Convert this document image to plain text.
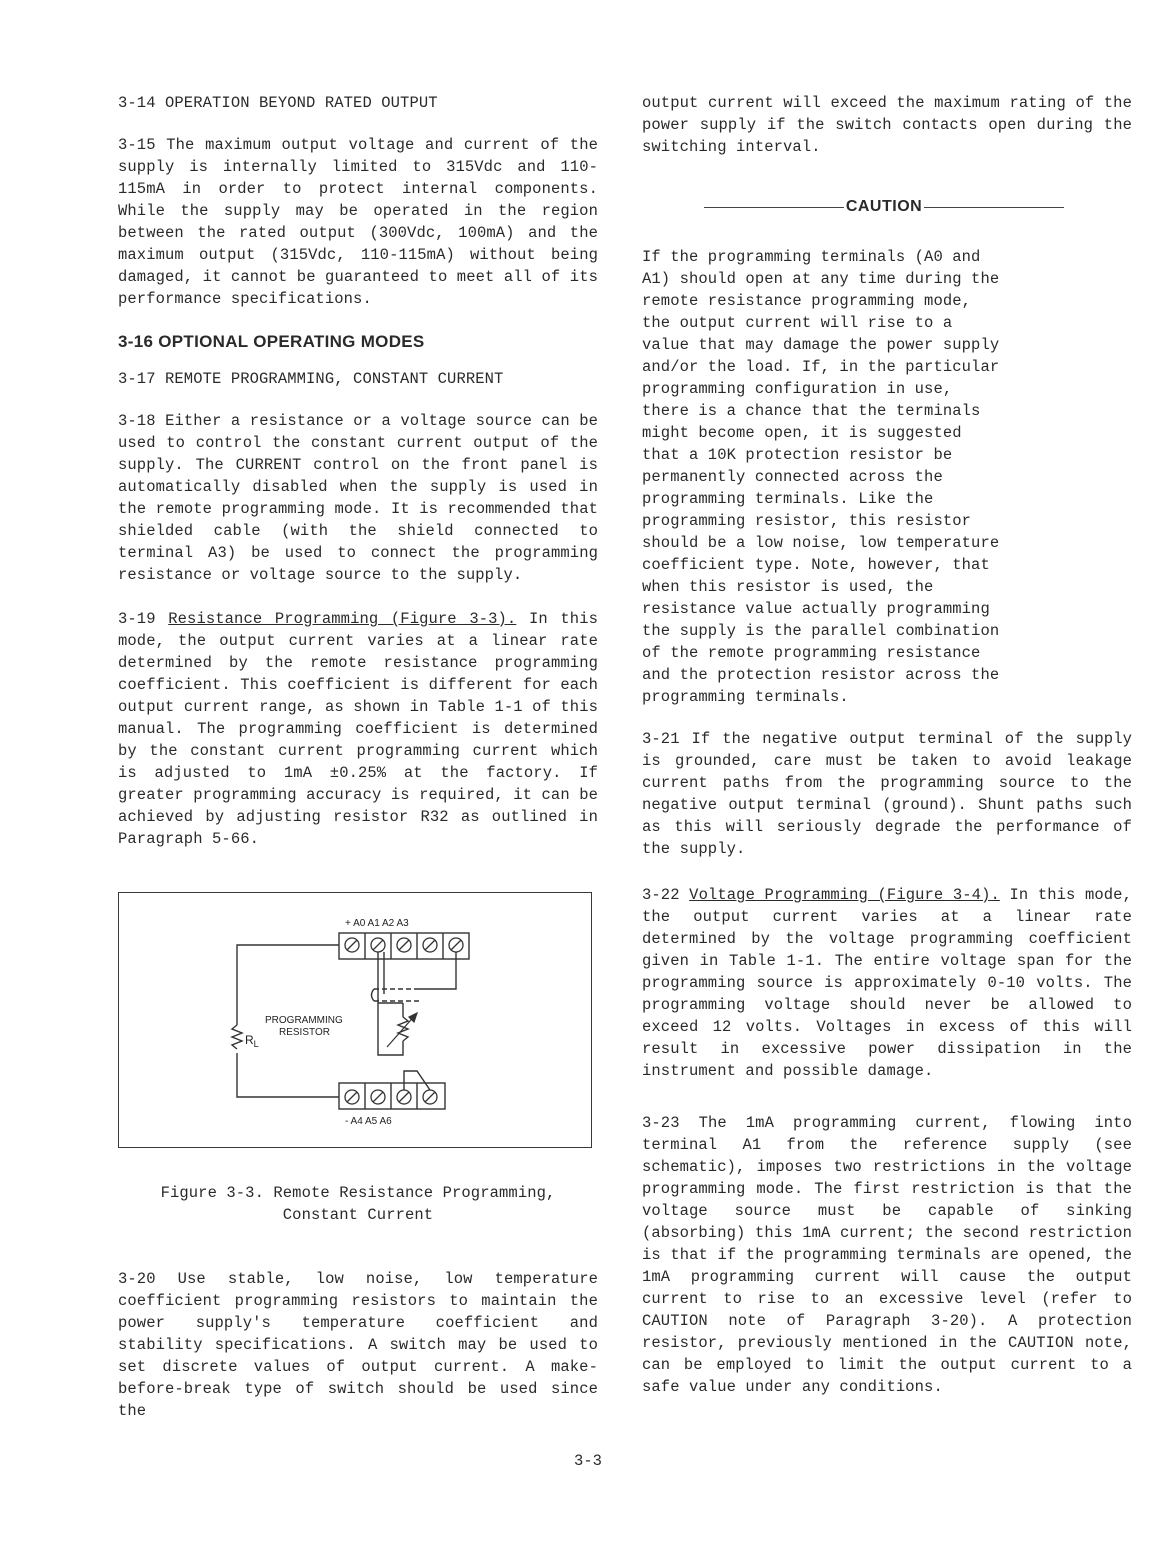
3-14 OPERATION BEYOND RATED OUTPUT

3-15 The maximum output voltage and current of the supply is internally limited to 315Vdc and 110-115mA in order to protect internal components. While the supply may be operated in the region between the rated output (300Vdc, 100mA) and the maximum output (315Vdc, 110-115mA) without being damaged, it cannot be guaranteed to meet all of its performance specifications.

3-16 OPTIONAL OPERATING MODES
3-17 REMOTE PROGRAMMING, CONSTANT CURRENT

3-18 Either a resistance or a voltage source can be used to control the constant current output of the supply. The CURRENT control on the front panel is automatically disabled when the supply is used in the remote programming mode. It is recommended that shielded cable (with the shield connected to terminal A3) be used to connect the programming resistance or voltage source to the supply.

3-19 Resistance Programming (Figure 3-3). In this mode, the output current varies at a linear rate determined by the remote resistance programming coefficient. This coefficient is different for each output current range, as shown in Table 1-1 of this manual. The programming coefficient is determined by the constant current programming current which is adjusted to 1mA ±0.25% at the factory. If greater programming accuracy is required, it can be achieved by adjusting resistor R32 as outlined in Paragraph 5-66.

+ A0 A1 A2 A3
- A4 A5 A6
PROGRAMMING
RESISTOR
$R_L$

Figure 3-3. Remote Resistance Programming,

Constant Current

3-20 Use stable, low noise, low temperature coefficient programming resistors to maintain the power supply's temperature coefficient and stability specifications. A switch may be used to set discrete values of output current. A make-before-break type of switch should be used since the

output current will exceed the maximum rating of the power supply if the switch contacts open during the switching interval.

CAUTION

If the programming terminals (A0 and A1) should open at any time during the remote resistance programming mode, the output current will rise to a value that may damage the power supply and/or the load. If, in the particular programming configuration in use, there is a chance that the terminals might become open, it is suggested that a 10K protection resistor be permanently connected across the programming terminals. Like the programming resistor, this resistor should be a low noise, low temperature coefficient type. Note, however, that when this resistor is used, the resistance value actually programming the supply is the parallel combination of the remote programming resistance and the protection resistor across the programming terminals.

3-21 If the negative output terminal of the supply is grounded, care must be taken to avoid leakage current paths from the programming source to the negative output terminal (ground). Shunt paths such as this will seriously degrade the performance of the supply.

3-22 Voltage Programming (Figure 3-4). In this mode, the output current varies at a linear rate determined by the voltage programming coefficient given in Table 1-1. The entire voltage span for the programming source is approximately 0-10 volts. The programming voltage should never be allowed to exceed 12 volts. Voltages in excess of this will result in excessive power dissipation in the instrument and possible damage.

3-23 The 1mA programming current, flowing into terminal A1 from the reference supply (see schematic), imposes two restrictions in the voltage programming mode. The first restriction is that the voltage source must be capable of sinking (absorbing) this 1mA current; the second restriction is that if the programming terminals are opened, the 1mA programming current will cause the output current to rise to an excessive level (refer to CAUTION note of Paragraph 3-20). A protection resistor, previously mentioned in the CAUTION note, can be employed to limit the output current to a safe value under any conditions.

3-3
